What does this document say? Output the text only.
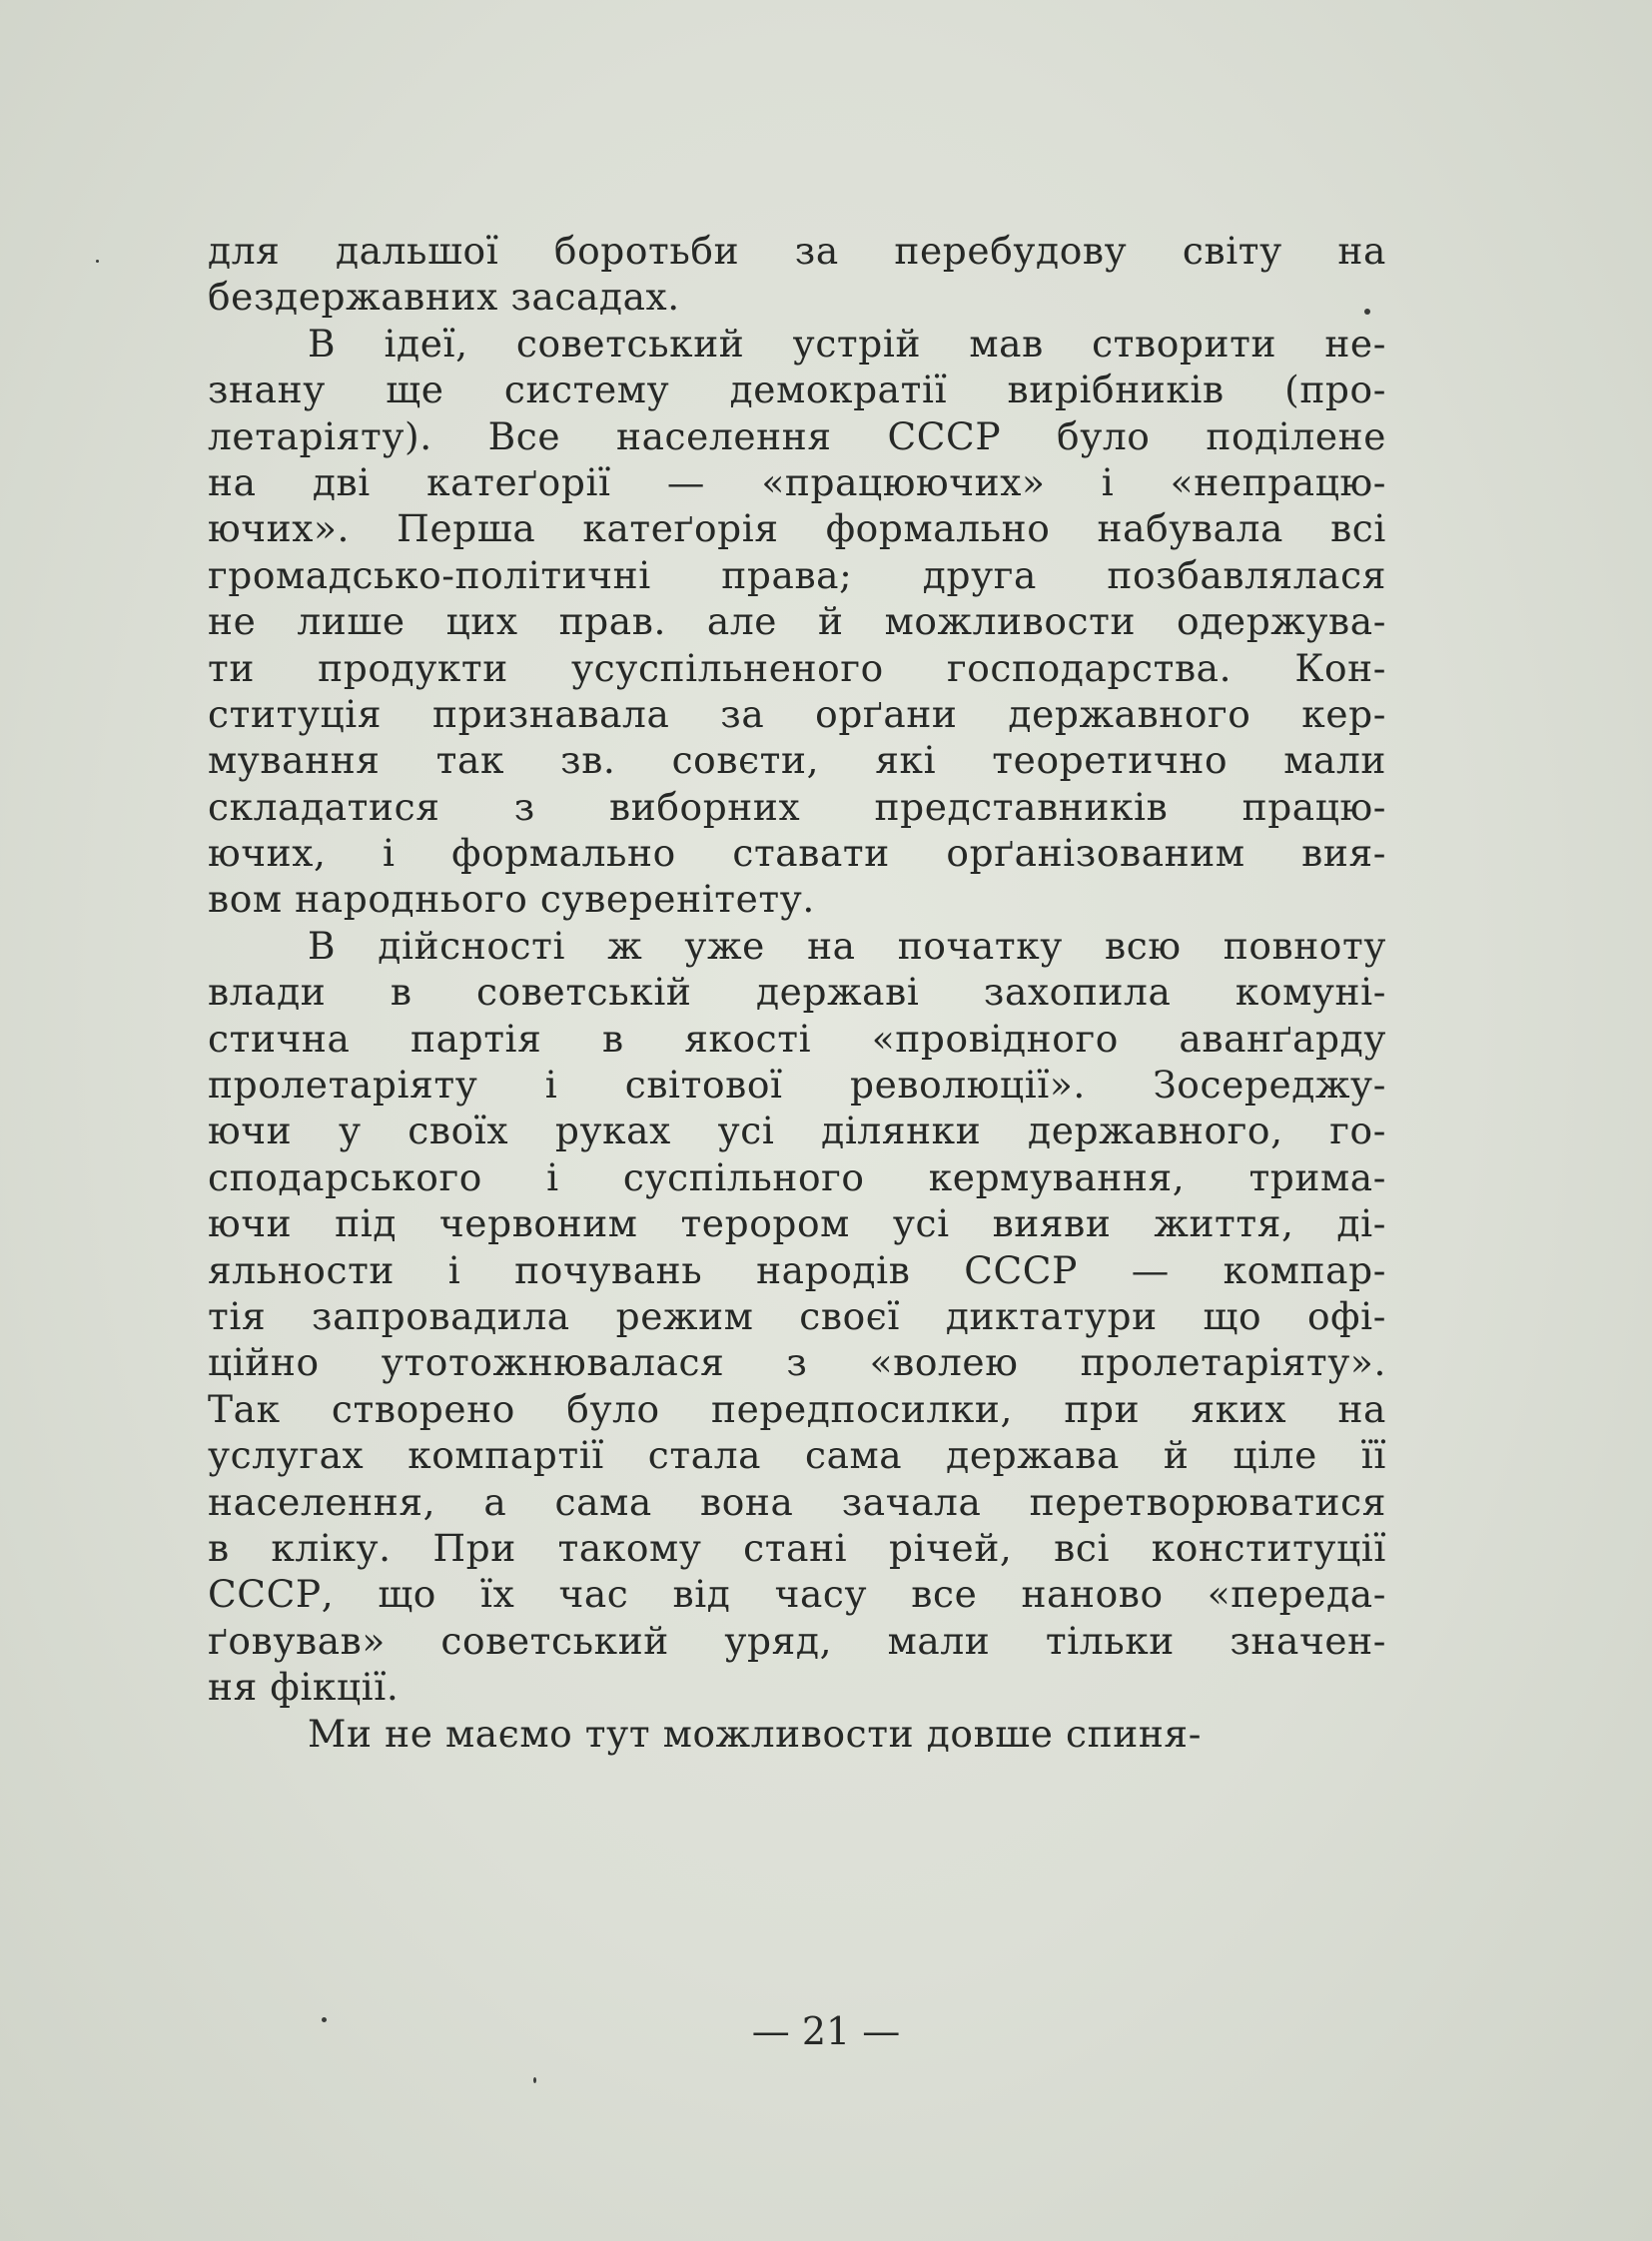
для дальшої боротьби за перебудову світу на
бездержавних засадах.
В ідеї, советський устрій мав створити не-
знану ще систему демократії вирібників (про-
летаріяту). Все населення СССР було поділене
на дві катеґорії — «працюючих» і «непрацю-
ючих». Перша катеґорія формально набувала всі
громадсько-політичні права; друга позбавлялася
не лише цих прав. але й можливости одержува-
ти продукти усуспільненого господарства. Кон-
ституція признавала за орґани державного кер-
мування так зв. совєти, які теоретично мали
складатися з виборних представників працю-
ючих, і формально ставати орґанізованим вия-
вом народнього суверенітету.
В дійсності ж уже на початку всю повноту
влади в советській державі захопила комуні-
стична партія в якості «провідного аванґарду
пролетаріяту і світової революції». Зосереджу-
ючи у своїх руках усі ділянки державного, го-
сподарського і суспільного кермування, трима-
ючи під червоним терором усі вияви життя, ді-
яльности і почувань народів СССР — компар-
тія запровадила режим своєї диктатури що офі-
ційно утотожнювалася з «волею пролетаріяту».
Так створено було передпосилки, при яких на
услугах компартії стала сама держава й ціле її
населення, а сама вона зачала перетворюватися
в кліку. При такому стані річей, всі конституції
СССР, що їх час від часу все наново «передa-
ґовував» советський уряд, мали тільки значен-
ня фікції.
Ми не маємо тут можливости довше спиня-
— 21 —
